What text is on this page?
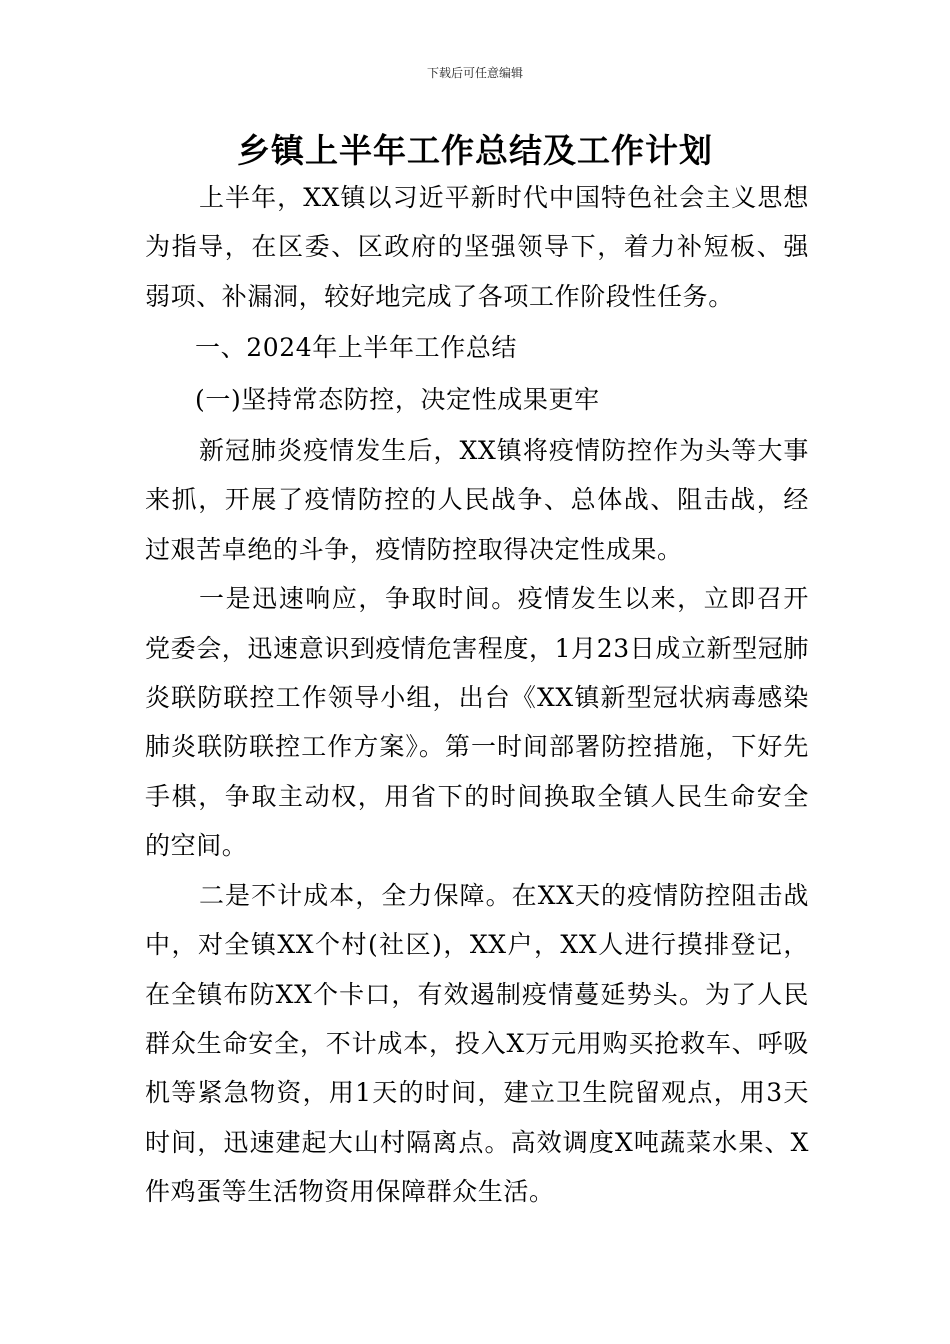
下载后可任意编辑
乡镇上半年工作总结及工作计划

上半年，XX镇以习近平新时代中国特色社会主义思想为指导，在区委、区政府的坚强领导下，着力补短板、强弱项、补漏洞，较好地完成了各项工作阶段性任务。

一、2024年上半年工作总结

(一)坚持常态防控，决定性成果更牢

新冠肺炎疫情发生后，XX镇将疫情防控作为头等大事来抓，开展了疫情防控的人民战争、总体战、阻击战，经过艰苦卓绝的斗争，疫情防控取得决定性成果。

一是迅速响应，争取时间。疫情发生以来，立即召开党委会，迅速意识到疫情危害程度，1月23日成立新型冠肺炎联防联控工作领导小组，出台《XX镇新型冠状病毒感染肺炎联防联控工作方案》。第一时间部署防控措施，下好先手棋，争取主动权，用省下的时间换取全镇人民生命安全的空间。

二是不计成本，全力保障。在XX天的疫情防控阻击战中，对全镇XX个村(社区)，XX户，XX人进行摸排登记，在全镇布防XX个卡口，有效遏制疫情蔓延势头。为了人民群众生命安全，不计成本，投入X万元用购买抢救车、呼吸机等紧急物资，用1天的时间，建立卫生院留观点，用3天时间，迅速建起大山村隔离点。高效调度X吨蔬菜水果、X件鸡蛋等生活物资用保障群众生活。
